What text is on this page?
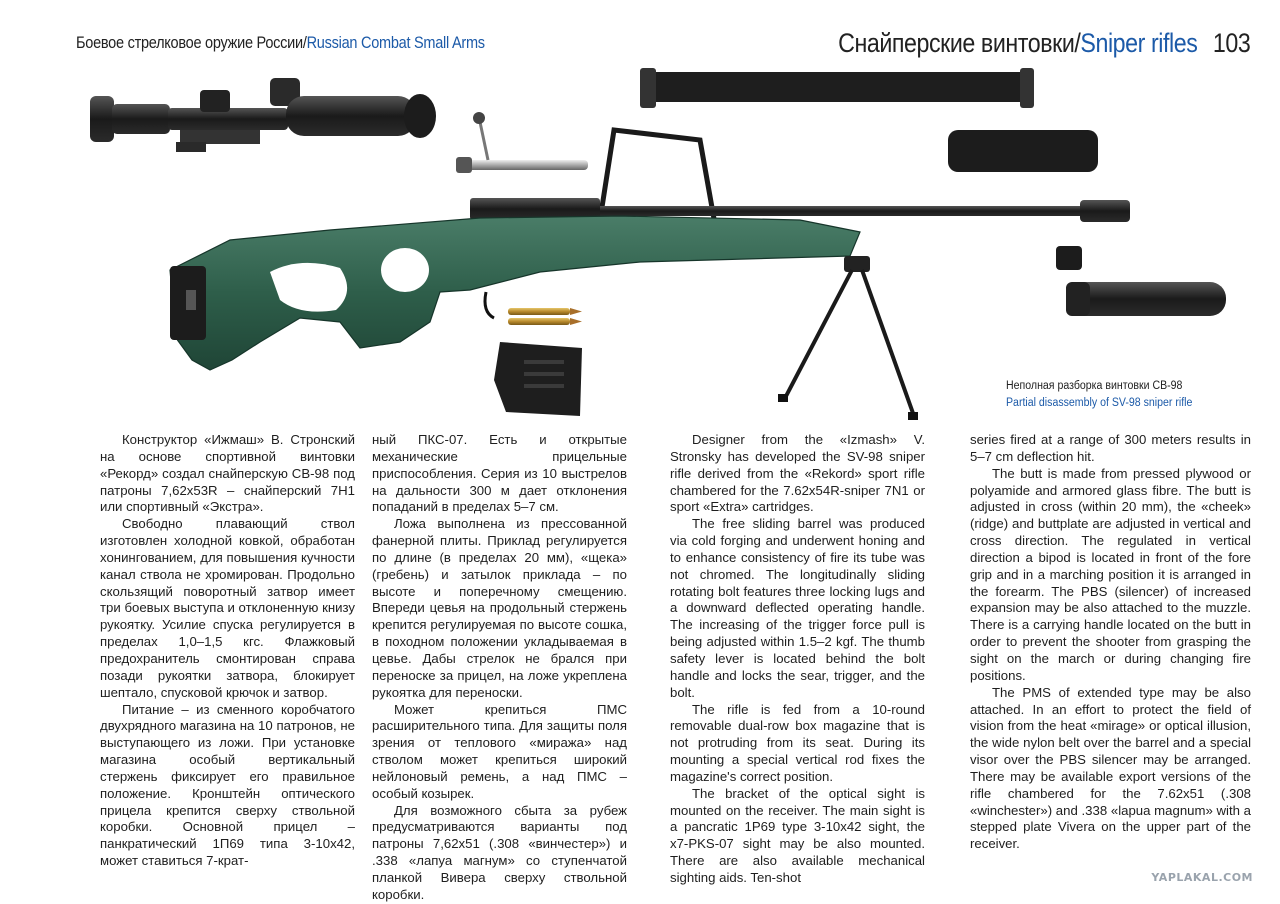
Боевое стрелковое оружие России/Russian Combat Small Arms	Снайперские винтовки/Sniper rifles 103
Неполная разборка винтовки СВ-98
Partial disassembly of SV-98 sniper rifle

Конструктор «Ижмаш» В. Стронский на основе спортивной винтовки «Рекорд» создал снайперскую СВ-98 под патроны 7,62х53R – снайперский 7Н1 или спортивный «Экстра».

Свободно плавающий ствол изготовлен холодной ковкой, обработан хонингованием, для повышения кучности канал ствола не хромирован. Продольно скользящий поворотный затвор имеет три боевых выступа и отклоненную книзу рукоятку. Усилие спуска регулируется в пределах 1,0–1,5 кгс. Флажковый предохранитель смонтирован справа позади рукоятки затвора, блокирует шептало, спусковой крючок и затвор.

Питание – из сменного коробчатого двухрядного магазина на 10 патронов, не выступающего из ложи. При установке магазина особый вертикальный стержень фиксирует его правильное положение. Кронштейн оптического прицела крепится сверху ствольной коробки. Основной прицел – панкратический 1П69 типа 3-10х42, может ставиться 7-крат-

ный ПКС-07. Есть и открытые механические прицельные приспособления. Серия из 10 выстрелов на дальности 300 м дает отклонения попаданий в пределах 5–7 см.

Ложа выполнена из прессованной фанерной плиты. Приклад регулируется по длине (в пределах 20 мм), «щека» (гребень) и затылок приклада – по высоте и поперечному смещению. Впереди цевья на продольный стержень крепится регулируемая по высоте сошка, в походном положении укладываемая в цевье. Дабы стрелок не брался при переноске за прицел, на ложе укреплена рукоятка для переноски.

Может крепиться ПМС расширительного типа. Для защиты поля зрения от теплового «миража» над стволом может крепиться широкий нейлоновый ремень, а над ПМС – особый козырек.

Для возможного сбыта за рубеж предусматриваются варианты под патроны 7,62х51 (.308 «винчестер») и .338 «лапуа магнум» со ступенчатой планкой Вивера сверху ствольной коробки.

Designer from the «Izmash» V. Stronsky has developed the SV-98 sniper rifle derived from the «Rekord» sport rifle chambered for the 7.62x54R-sniper 7N1 or sport «Extra» cartridges.

The free sliding barrel was produced via cold forging and underwent honing and to enhance consistency of fire its tube was not chromed. The longitudinally sliding rotating bolt features three locking lugs and a downward deflected operating handle. The increasing of the trigger force pull is being adjusted within 1.5–2 kgf. The thumb safety lever is located behind the bolt handle and locks the sear, trigger, and the bolt.

The rifle is fed from a 10-round removable dual-row box magazine that is not protruding from its seat. During its mounting a special vertical rod fixes the magazine's correct position.

The bracket of the optical sight is mounted on the receiver. The main sight is a pancratic 1P69 type 3-10x42 sight, the x7-PKS-07 sight may be also mounted. There are also available mechanical sighting aids. Ten-shot

series fired at a range of 300 meters results in 5–7 cm deflection hit.

The butt is made from pressed plywood or polyamide and armored glass fibre. The butt is adjusted in cross (within 20 mm), the «cheek» (ridge) and buttplate are adjusted in vertical and cross direction. The regulated in vertical direction a bipod is located in front of the fore grip and in a marching position it is arranged in the forearm. The PBS (silencer) of increased expansion may be also attached to the muzzle. There is a carrying handle located on the butt in order to prevent the shooter from grasping the sight on the march or during changing fire positions.

The PMS of extended type may be also attached. In an effort to protect the field of vision from the heat «mirage» or optical illusion, the wide nylon belt over the barrel and a special visor over the PBS silencer may be arranged. There may be available export versions of the rifle chambered for the 7.62x51 (.308 «winchester») and .338 «lapua magnum» with a stepped plate Vivera on the upper part of the receiver.

YAPLAKAL.COM
